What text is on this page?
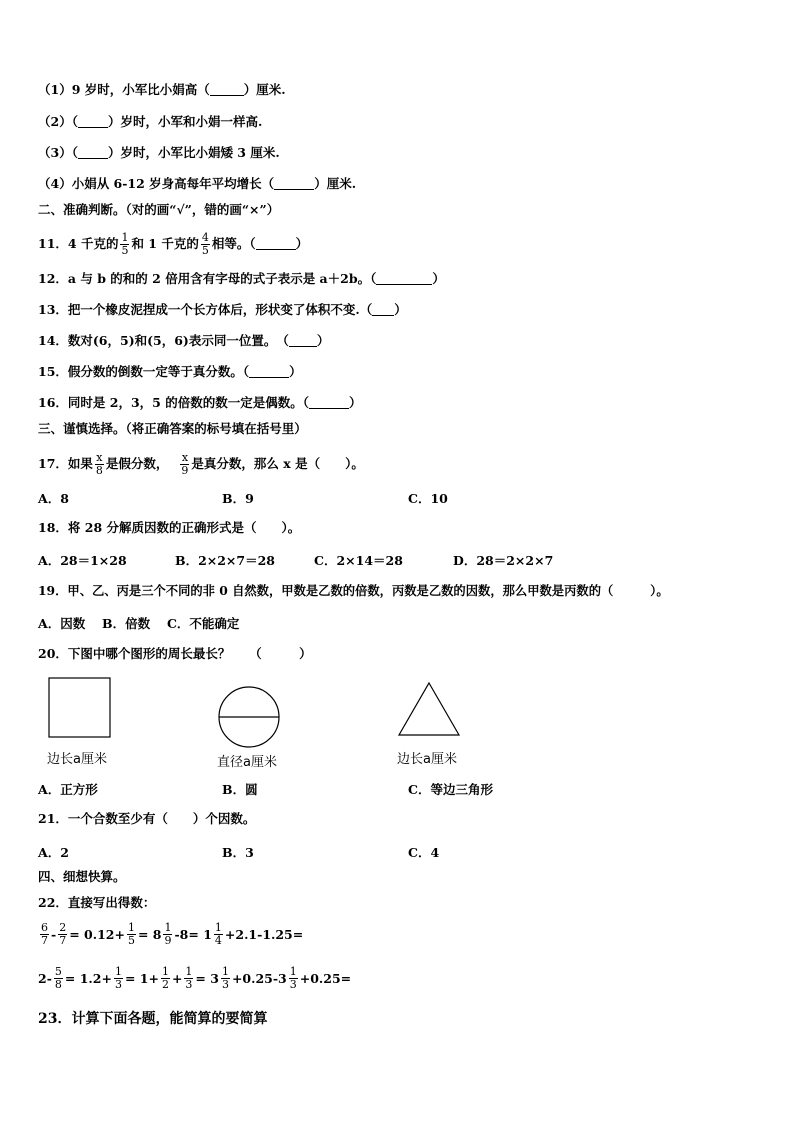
（1）9 岁时，小军比小娟高（	）厘米.
（2）（ ）岁时，小军和小娟一样高.
（3）（ ）岁时，小军比小娟矮 3 厘米.
（4）小娟从 6-12 岁身高每年平均增长（	）厘米.
二、准确判断。（对的画“√”，错的画“×”）
11．4 千克的 $\frac{1}{5}$ 和 1 千克的 $\frac{4}{5}$ 相等。（	）
12．a 与 b 的和的 2 倍用含有字母的式子表示是 a＋2b。（	）
13．把一个橡皮泥捏成一个长方体后，形状变了体积不变.（ ）
14．数对(6，5)和(5，6)表示同一位置。　（ ）
15．假分数的倒数一定等于真分数。（	）
16．同时是 2，3，5 的倍数的数一定是偶数。（	）
三、谨慎选择。（将正确答案的标号填在括号里）
17．如果 $\frac{x}{8}$ 是假分数， $\frac{x}{9}$ 是真分数，那么 x 是（　　）。
A．8	B．9	C．10
18．将 28 分解质因数的正确形式是（　　）。
A．28＝1×28	B．2×2×7＝28	C．2×14＝28	D．28＝2×2×7
19．甲、乙、丙是三个不同的非 0 自然数，甲数是乙数的倍数，丙数是乙数的因数，那么甲数是丙数的（　　　）。
A．因数　 B．倍数　 C．不能确定
20．下图中哪个图形的周长最长？　　（　　　）
边长a厘米	直径a厘米	边长a厘米
A．正方形	B．圆	C．等边三角形
21．一个合数至少有（　　）个因数。
A．2	B．3	C．4
四、细想快算。
22．直接写出得数：
$\frac{6}{7} - \frac{2}{7} = 0.12+ \frac{1}{5} = 8 \frac{1}{9} -8= 1 \frac{1}{4} +2.1-1.25=$
$2- \frac{5}{8} = 1.2+ \frac{1}{3} = 1+ \frac{1}{2} + \frac{1}{3} = 3 \frac{1}{3} +0.25-3 \frac{1}{3} +0.25=$
23．计算下面各题，能简算的要简算
